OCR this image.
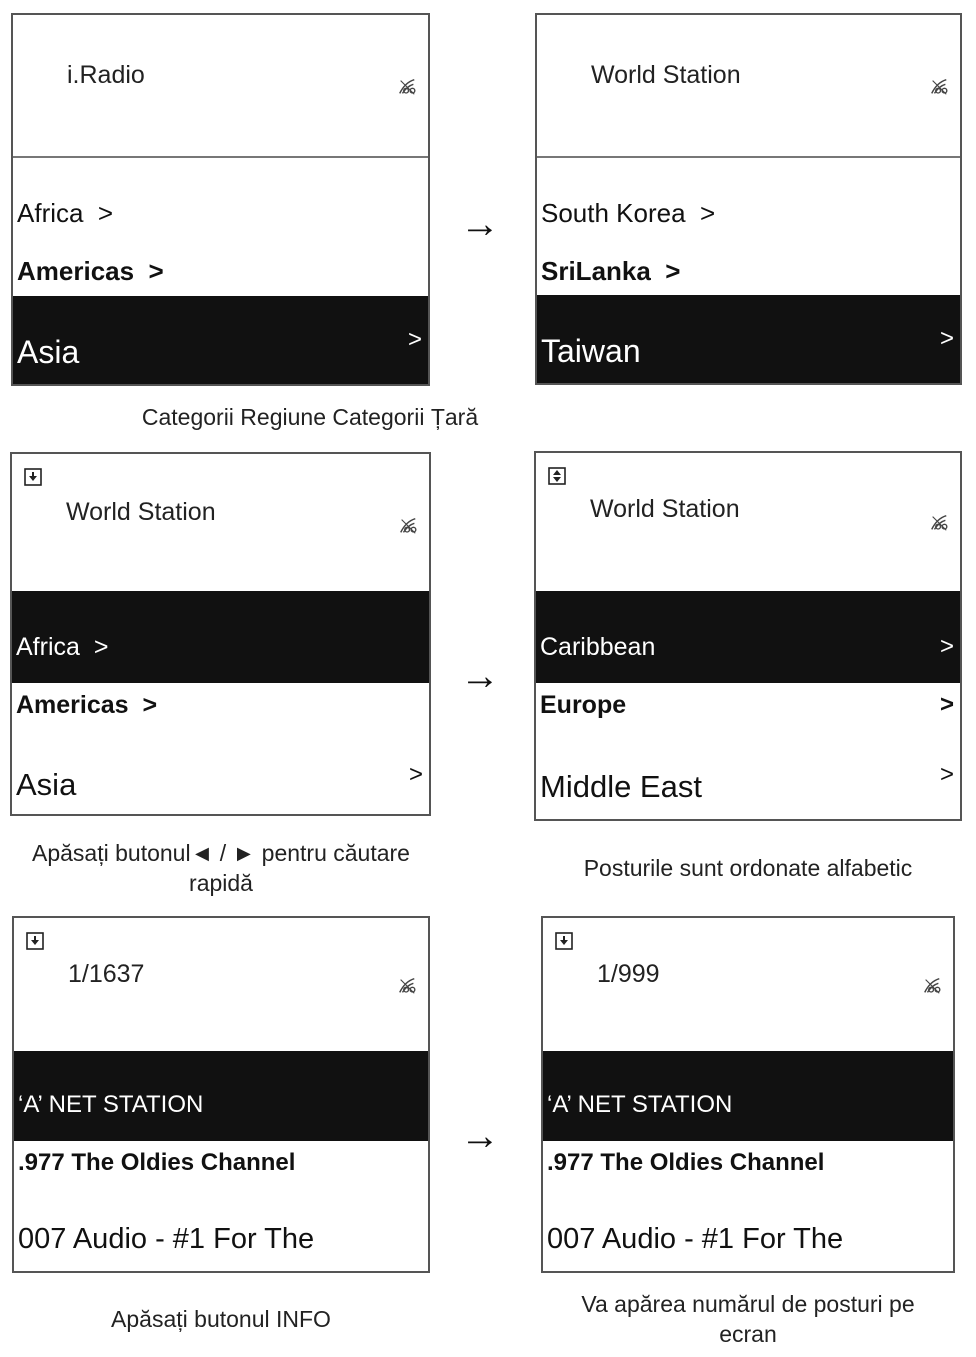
i.Radio
Africa >
Americas >
Asia	>
→
World Station
South Korea >
SriLanka >
Taiwan	>
Categorii Regiune Categorii Țară
World Station
Africa >
Americas >
Asia	>
→
World Station
Caribbean	>
Europe	>
Middle East	>
Apăsați butonul◄ / ► pentru căutare
rapidă
Posturile sunt ordonate alfabetic
1/1637
‘A’ NET STATION
.977 The Oldies Channel
007 Audio - #1 For The
→
1/999
‘A’ NET STATION
.977 The Oldies Channel
007 Audio - #1 For The
Apăsați butonul INFO
Va apărea numărul de posturi pe
ecran
